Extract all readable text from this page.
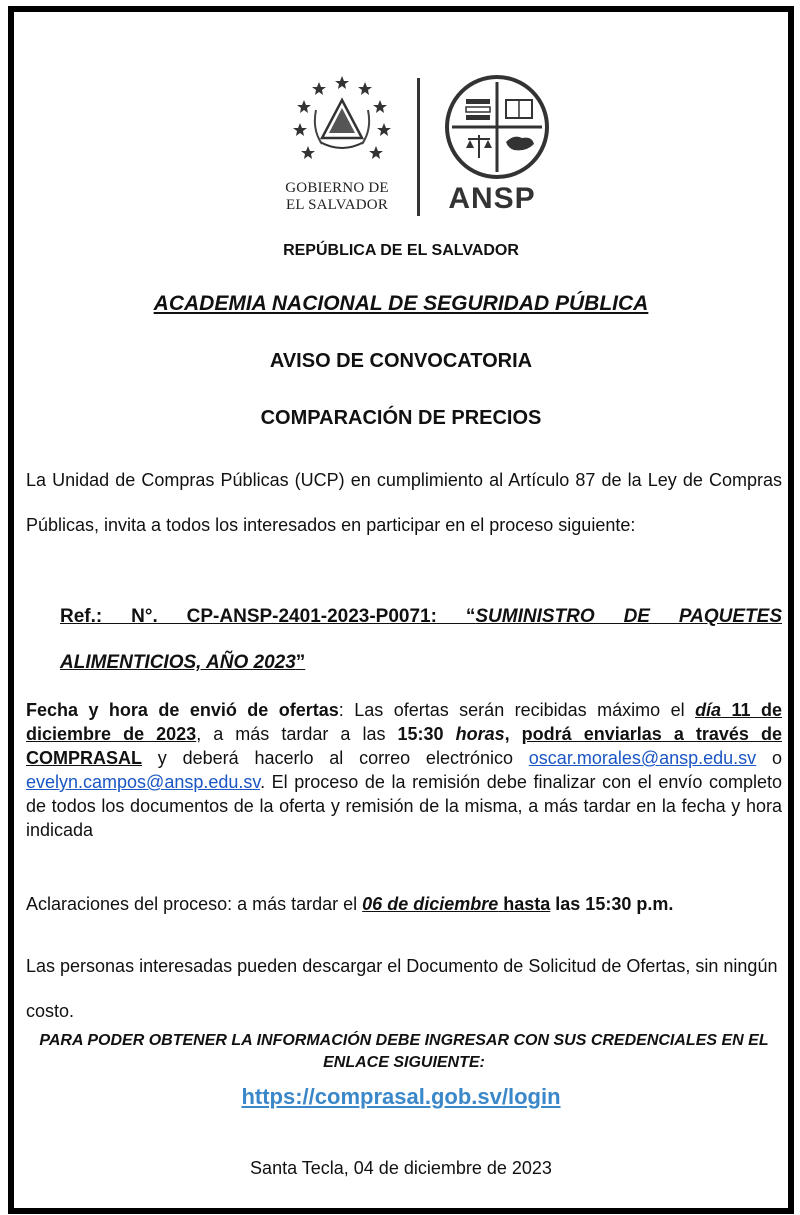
GOBIERNO DE
EL SALVADOR	ANSP
REPÚBLICA DE EL SALVADOR
ACADEMIA NACIONAL DE SEGURIDAD PÚBLICA
AVISO DE CONVOCATORIA
COMPARACIÓN DE PRECIOS
La Unidad de Compras Públicas (UCP) en cumplimiento al Artículo 87 de la Ley de Compras Públicas, invita a todos los interesados en participar en el proceso siguiente:
Ref.: N°. CP-ANSP-2401-2023-P0071: “SUMINISTRO DE PAQUETES ALIMENTICIOS, AÑO 2023”
Fecha y hora de envió de ofertas: Las ofertas serán recibidas máximo el día 11 de diciembre de 2023, a más tardar a las 15:30 horas, podrá enviarlas a través de COMPRASAL y deberá hacerlo al correo electrónico oscar.morales@ansp.edu.sv o evelyn.campos@ansp.edu.sv. El proceso de la remisión debe finalizar con el envío completo de todos los documentos de la oferta y remisión de la misma, a más tardar en la fecha y hora indicada
Aclaraciones del proceso: a más tardar el 06 de diciembre hasta las 15:30 p.m.
Las personas interesadas pueden descargar el Documento de Solicitud de Ofertas, sin ningún costo.
PARA PODER OBTENER LA INFORMACIÓN DEBE INGRESAR CON SUS CREDENCIALES EN EL ENLACE SIGUIENTE:
https://comprasal.gob.sv/login
Santa Tecla, 04 de diciembre de 2023
